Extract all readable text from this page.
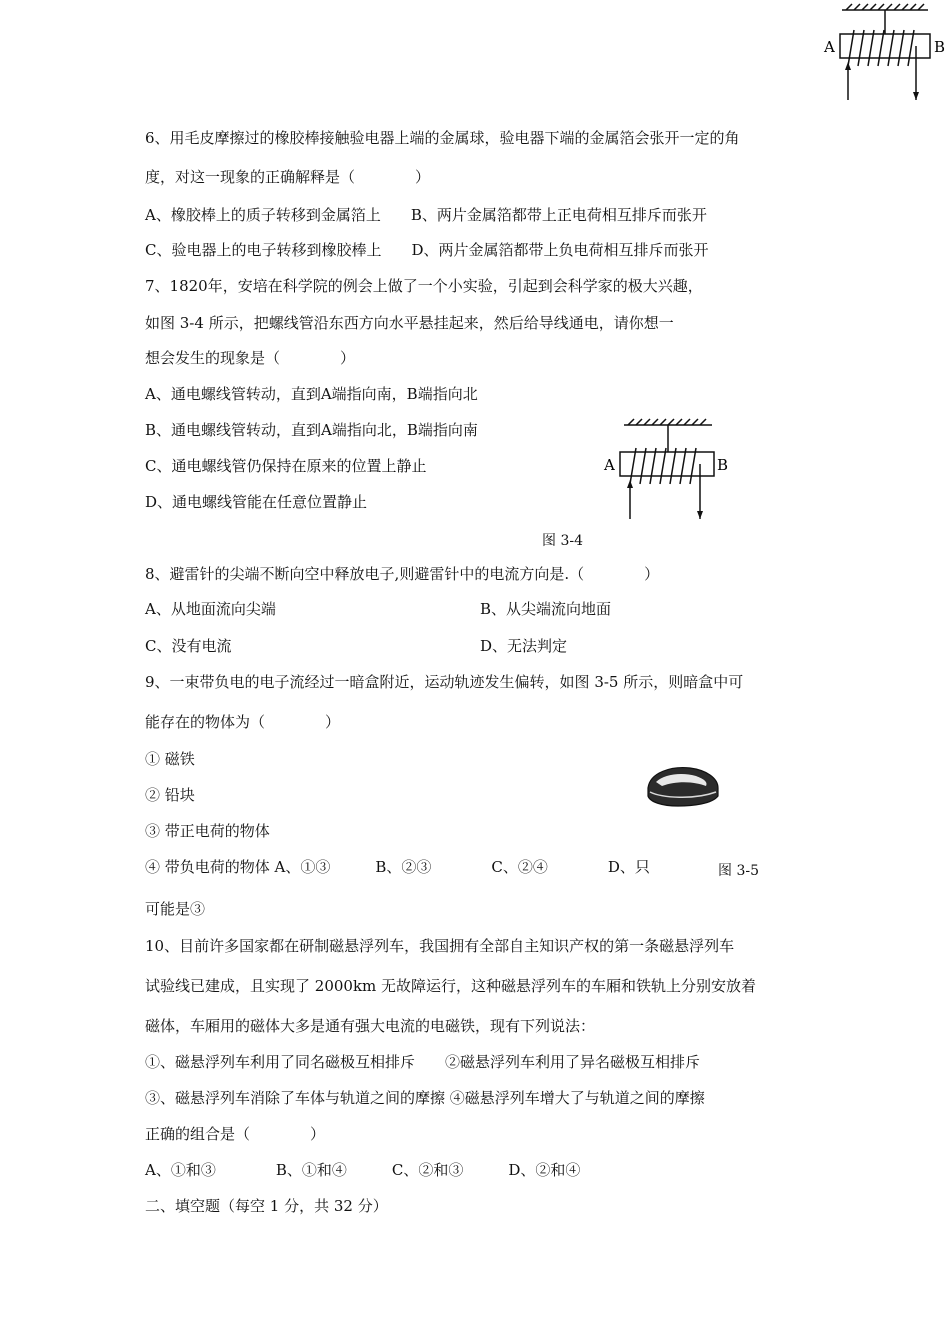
A	B
6、用毛皮摩擦过的橡胶棒接触验电器上端的金属球，验电器下端的金属箔会张开一定的角
度，对这一现象的正确解释是（　　　　）
A、橡胶棒上的质子转移到金属箔上　　B、两片金属箔都带上正电荷相互排斥而张开
C、验电器上的电子转移到橡胶棒上　　D、两片金属箔都带上负电荷相互排斥而张开
7、1820年，安培在科学院的例会上做了一个小实验，引起到会科学家的极大兴趣，
如图 3-4 所示，把螺线管沿东西方向水平悬挂起来，然后给导线通电，请你想一
想会发生的现象是（　　　　）
A、通电螺线管转动，直到A端指向南，B端指向北
B、通电螺线管转动，直到A端指向北，B端指向南
C、通电螺线管仍保持在原来的位置上静止
D、通电螺线管能在任意位置静止
A	B
图 3-4
8、避雷针的尖端不断向空中释放电子,则避雷针中的电流方向是.（　　　　）
A、从地面流向尖端	B、从尖端流向地面
C、没有电流	D、无法判定
9、一束带负电的电子流经过一暗盒附近，运动轨迹发生偏转，如图 3-5 所示，则暗盒中可
能存在的物体为（　　　　）
① 磁铁
② 铅块
③ 带正电荷的物体
④ 带负电荷的物体 A、①③　　　B、②③　　　　C、②④　　　　D、只
可能是③
图 3-5
10、目前许多国家都在研制磁悬浮列车，我国拥有全部自主知识产权的第一条磁悬浮列车
试验线已建成，且实现了 2000km 无故障运行，这种磁悬浮列车的车厢和铁轨上分别安放着
磁体，车厢用的磁体大多是通有强大电流的电磁铁，现有下列说法：
①、磁悬浮列车利用了同名磁极互相排斥　　②磁悬浮列车利用了异名磁极互相排斥
③、磁悬浮列车消除了车体与轨道之间的摩擦 ④磁悬浮列车增大了与轨道之间的摩擦
正确的组合是（　　　　）
A、①和③　　　　B、①和④　　　C、②和③　　　D、②和④
二、填空题（每空 1 分，共 32 分）
